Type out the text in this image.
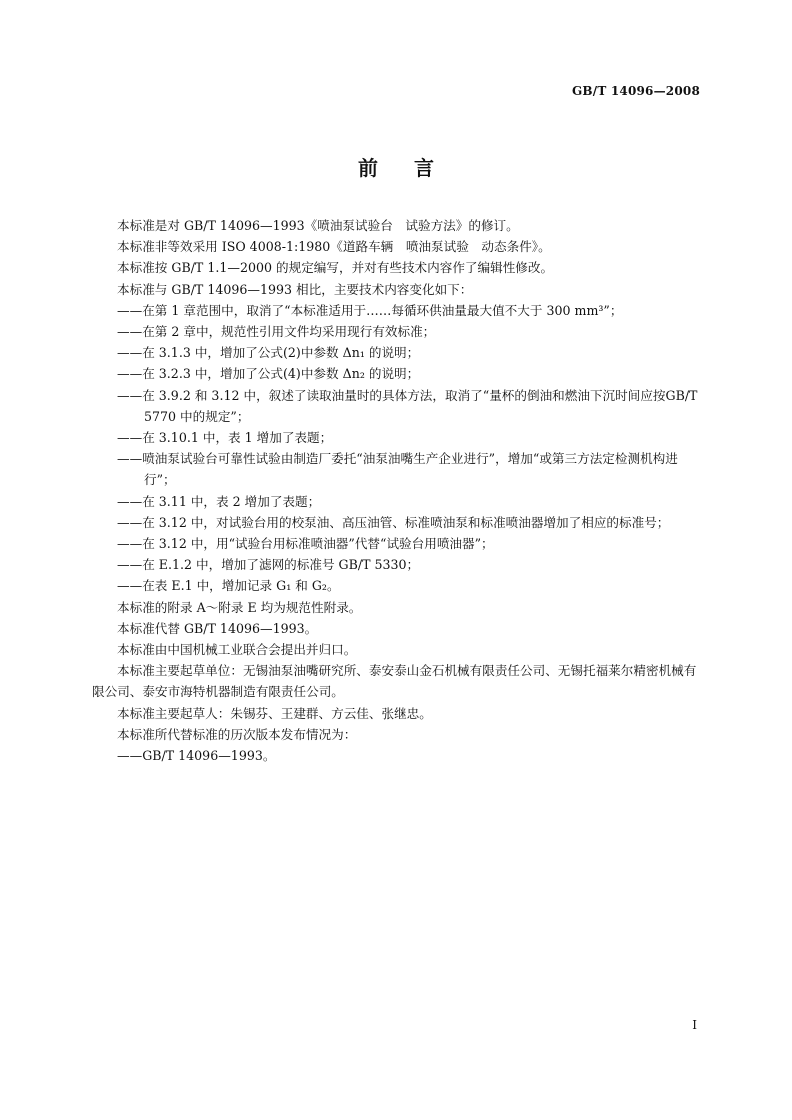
GB/T 14096—2008
前言

本标准是对 GB/T 14096—1993《喷油泵试验台　试验方法》的修订。

本标准非等效采用 ISO 4008-1:1980《道路车辆　喷油泵试验　动态条件》。

本标准按 GB/T 1.1—2000 的规定编写，并对有些技术内容作了编辑性修改。

本标准与 GB/T 14096—1993 相比，主要技术内容变化如下：

——在第 1 章范围中，取消了“本标准适用于……每循环供油量最大值不大于 300 mm³”；

——在第 2 章中，规范性引用文件均采用现行有效标准；

——在 3.1.3 中，增加了公式(2)中参数 Δn₁ 的说明；

——在 3.2.3 中，增加了公式(4)中参数 Δn₂ 的说明；

——在 3.9.2 和 3.12 中，叙述了读取油量时的具体方法，取消了“量杯的倒油和燃油下沉时间应按GB/T 5770 中的规定”；

——在 3.10.1 中，表 1 增加了表题；

——喷油泵试验台可靠性试验由制造厂委托“油泵油嘴生产企业进行”，增加“或第三方法定检测机构进行”；

——在 3.11 中，表 2 增加了表题；

——在 3.12 中，对试验台用的校泵油、高压油管、标准喷油泵和标准喷油器增加了相应的标准号；

——在 3.12 中，用“试验台用标准喷油器”代替“试验台用喷油器”；

——在 E.1.2 中，增加了滤网的标准号 GB/T 5330；

——在表 E.1 中，增加记录 G₁ 和 G₂。

本标准的附录 A～附录 E 均为规范性附录。

本标准代替 GB/T 14096—1993。

本标准由中国机械工业联合会提出并归口。

本标准主要起草单位：无锡油泵油嘴研究所、泰安泰山金石机械有限责任公司、无锡托福莱尔精密机械有限公司、泰安市海特机器制造有限责任公司。

本标准主要起草人：朱锡芬、王建群、方云佳、张继忠。

本标准所代替标准的历次版本发布情况为：

——GB/T 14096—1993。

I
